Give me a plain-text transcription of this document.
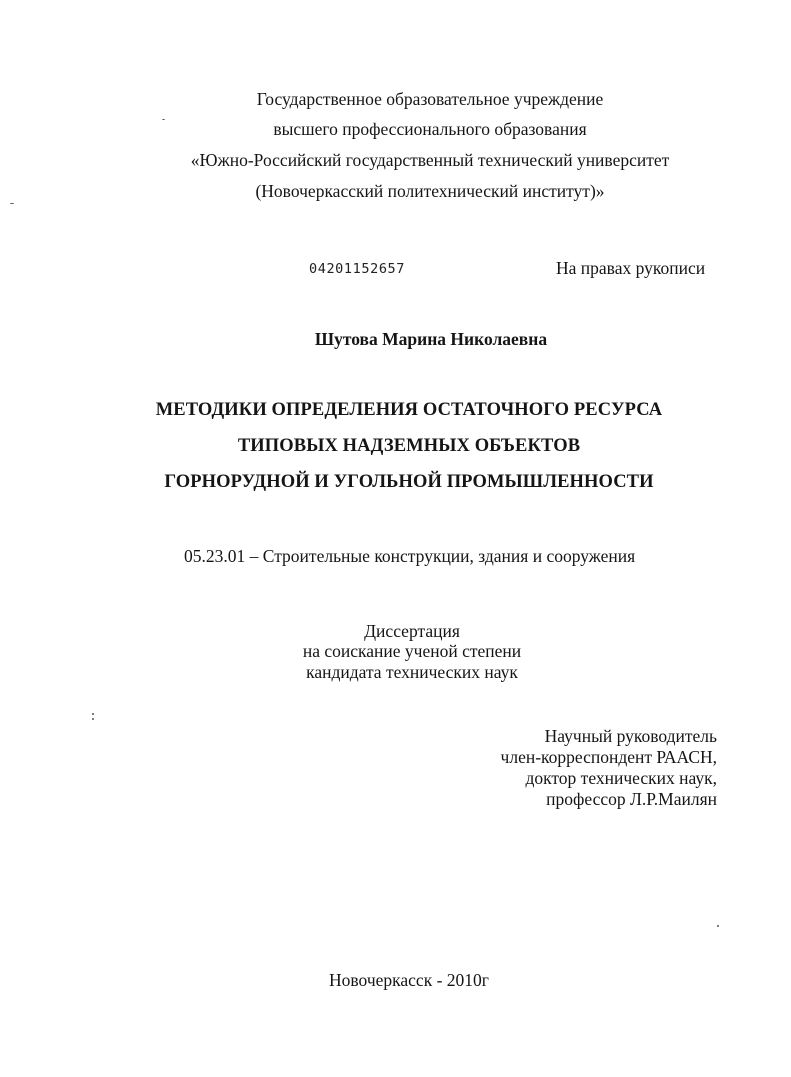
Государственное образовательное учреждение
высшего профессионального образования
«Южно-Российский государственный технический университет
(Новочеркасский политехнический институт)»
04201152657	На правах рукописи
Шутова Марина Николаевна
МЕТОДИКИ ОПРЕДЕЛЕНИЯ ОСТАТОЧНОГО РЕСУРСА
ТИПОВЫХ НАДЗЕМНЫХ ОБЪЕКТОВ
ГОРНОРУДНОЙ И УГОЛЬНОЙ ПРОМЫШЛЕННОСТИ
05.23.01 – Строительные конструкции, здания и сооружения
Диссертация
на соискание ученой степени
кандидата технических наук
Научный руководитель
член-корреспондент РААСН,
доктор технических наук,
профессор Л.Р.Маилян
Новочеркасск - 2010г
